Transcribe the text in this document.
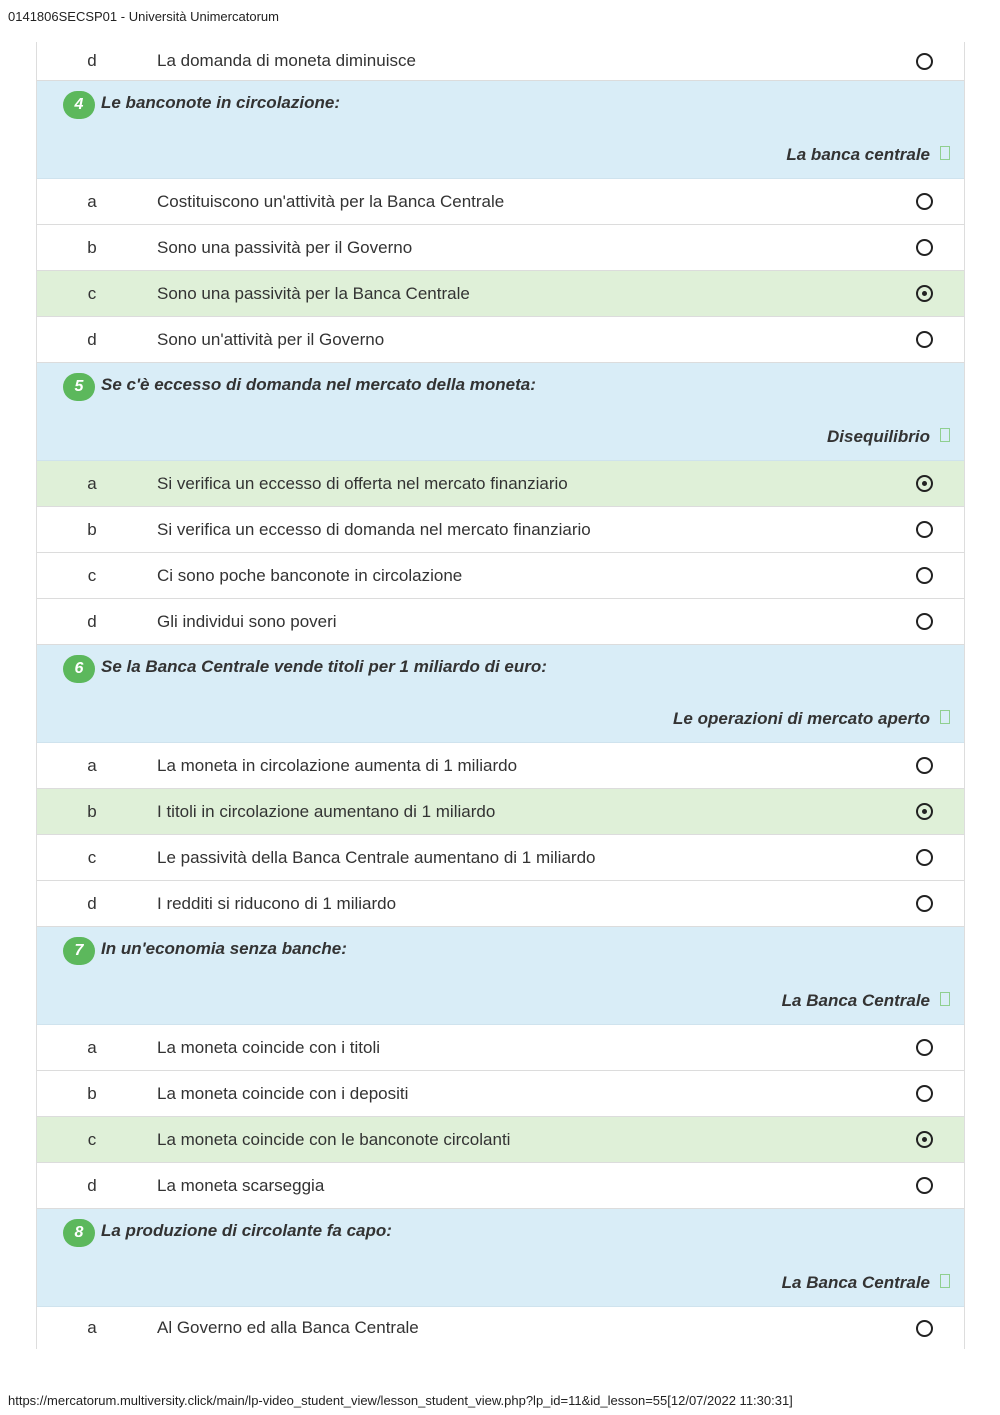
0141806SECSP01 - Università Unimercatorum
d	La domanda di moneta diminuisce
4	Le banconote in circolazione:
La banca centrale
a	Costituiscono un'attività per la Banca Centrale
b	Sono una passività per il Governo
c	Sono una passività per la Banca Centrale
d	Sono un'attività per il Governo
5	Se c'è eccesso di domanda nel mercato della moneta:
Disequilibrio
a	Si verifica un eccesso di offerta nel mercato finanziario
b	Si verifica un eccesso di domanda nel mercato finanziario
c	Ci sono poche banconote in circolazione
d	Gli individui sono poveri
6	Se la Banca Centrale vende titoli per 1 miliardo di euro:
Le operazioni di mercato aperto
a	La moneta in circolazione aumenta di 1 miliardo
b	I titoli in circolazione aumentano di 1 miliardo
c	Le passività della Banca Centrale aumentano di 1 miliardo
d	I redditi si riducono di 1 miliardo
7	In un'economia senza banche:
La Banca Centrale
a	La moneta coincide con i titoli
b	La moneta coincide con i depositi
c	La moneta coincide con le banconote circolanti
d	La moneta scarseggia
8	La produzione di circolante fa capo:
La Banca Centrale
a	Al Governo ed alla Banca Centrale
https://mercatorum.multiversity.click/main/lp-video_student_view/lesson_student_view.php?lp_id=11&id_lesson=55[12/07/2022 11:30:31]
